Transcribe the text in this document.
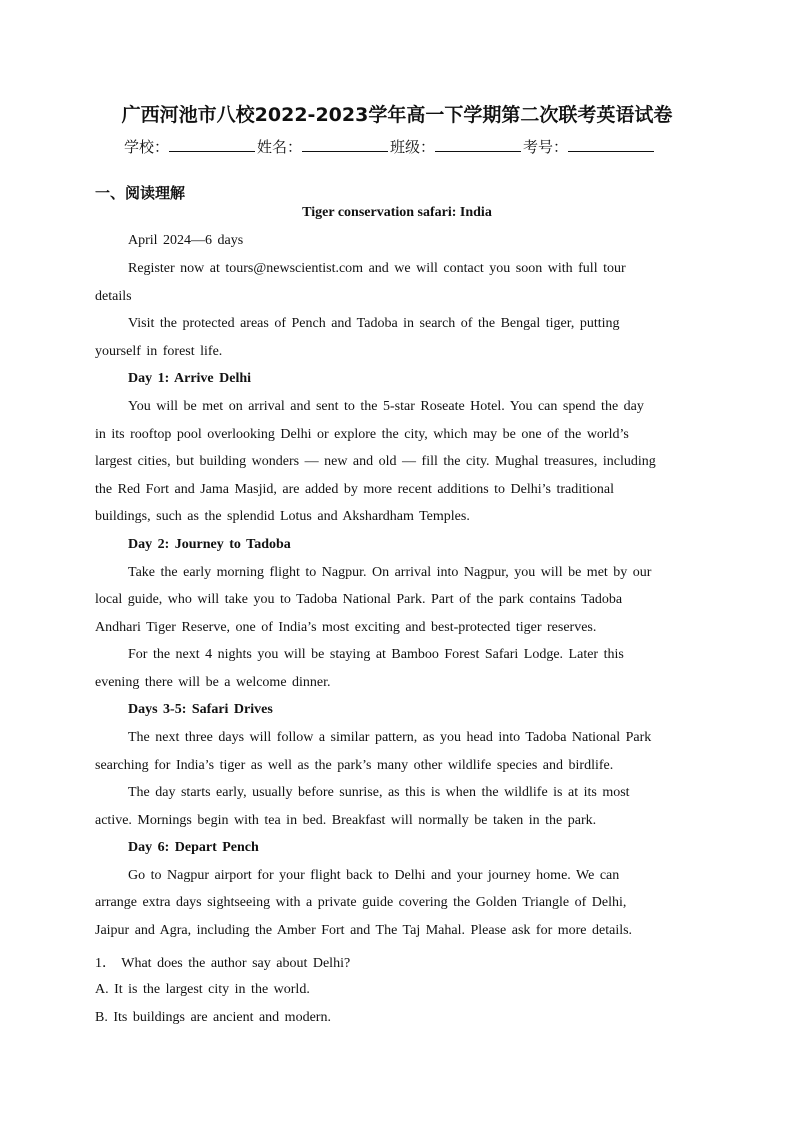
广西河池市八校2022-2023学年高一下学期第二次联考英语试卷
学校：	姓名：	班级：	考号：
一、阅读理解
Tiger conservation safari: India
April 2024—6 days
Register now at tours@newscientist.com and we will contact you soon with full tour
details
Visit the protected areas of Pench and Tadoba in search of the Bengal tiger, putting
yourself in forest life.
Day 1: Arrive Delhi
You will be met on arrival and sent to the 5-star Roseate Hotel. You can spend the day
in its rooftop pool overlooking Delhi or explore the city, which may be one of the world’s
largest cities, but building wonders — new and old — fill the city. Mughal treasures, including
the Red Fort and Jama Masjid, are added by more recent additions to Delhi’s traditional
buildings, such as the splendid Lotus and Akshardham Temples.
Day 2: Journey to Tadoba
Take the early morning flight to Nagpur. On arrival into Nagpur, you will be met by our
local guide, who will take you to Tadoba National Park. Part of the park contains Tadoba
Andhari Tiger Reserve, one of India’s most exciting and best-protected tiger reserves.
For the next 4 nights you will be staying at Bamboo Forest Safari Lodge. Later this
evening there will be a welcome dinner.
Days 3-5: Safari Drives
The next three days will follow a similar pattern, as you head into Tadoba National Park
searching for India’s tiger as well as the park’s many other wildlife species and birdlife.
The day starts early, usually before sunrise, as this is when the wildlife is at its most
active. Mornings begin with tea in bed. Breakfast will normally be taken in the park.
Day 6: Depart Pench
Go to Nagpur airport for your flight back to Delhi and your journey home. We can
arrange extra days sightseeing with a private guide covering the Golden Triangle of Delhi,
Jaipur and Agra, including the Amber Fort and The Taj Mahal. Please ask for more details.
1． What does the author say about Delhi?
A. It is the largest city in the world.
B. Its buildings are ancient and modern.
